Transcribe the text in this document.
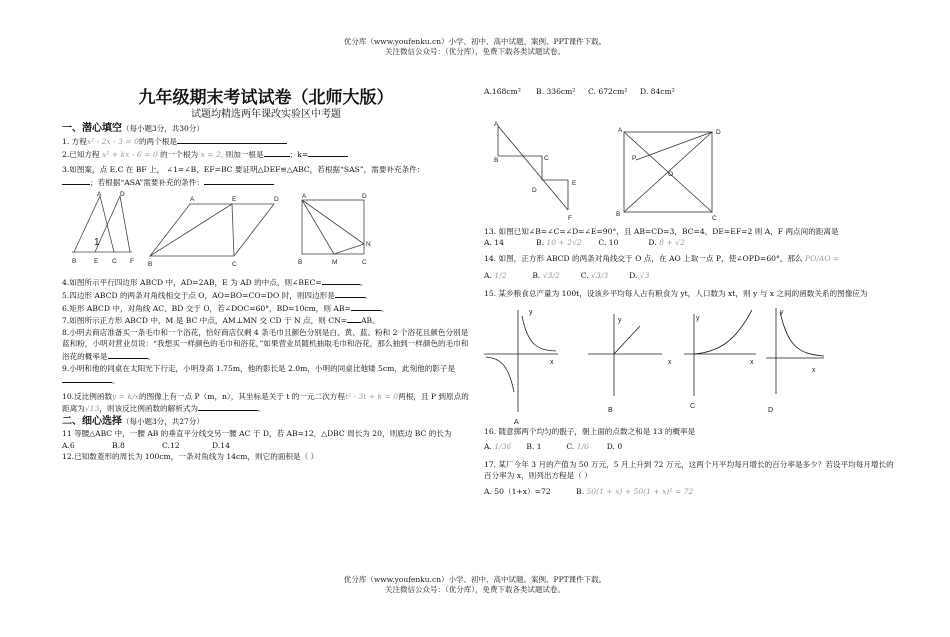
优分库（www.youfenku.cn）小学、初中、高中试题、案例、PPT课件下载。
关注微信公众号：（优分库），免费下载各类试题试卷。
九年级期末考试试卷（北师大版）
试题均精选两年课改实验区中考题
一、潜心填空（每小题3分，共30分）

1. 方程x² - 2x - 3 = 0的两个根是

2.已知方程 x² + kx - 6 = 0 的一个根为 x = 2, 则加一根是	；k=

3.如图案，点 E,C 在 BF 上， ∠1=∠B，EF=BC 要证明△DEF≌△ABC，若根据“SAS”，需要补充条件：
；若根据“ASA”需要补充的条件：

A	D
B	E C F
1
A	E	D
B	C
A	D
N
B	M	C

4.如图所示平行四边形 ABCD 中，AD=2AB，E 为 AD 的中点，则∠BEC=	。

5.四边形 ABCD 的两条对角线相交于点 O，AO=BO=CO=DO 时，则四边形是	。

6.矩形 ABCD 中，对角线 AC、BD 交于 O，若∠DOC=60°，BD=10cm，则 AB=	。

7.如图所示正方形 ABCD 中，M 是 BC 中点，AM⊥MN 交 CD 于 N 点，则 CN= AB。

8.小明去商店准备买一条毛巾和一个浴花，恰好商店仅剩 4 条毛巾且颜色分别是白、黄、蓝、粉和 2 个浴花且颜色分别是蓝和粉，小明对营业员说：“我想买一样颜色的毛巾和浴花，”如果营业员随机抽取毛巾和浴花，那么抽到一样颜色的毛巾和浴花的概率是	。

9.小明和他的同桌在太阳光下行走，小明身高 1.75m，他的影长是 2.0m，小明的同桌比他矮 5cm，此刻他的影子是。

10.反比例函数y = k/x的图像上有一点 P（m，n），其坐标是关于 t 的一元二次方程t² - 3t + k = 0两根，且 P 到原点的距离为√13，则该反比例函数的解析式为	。

二、细心选择（每小题3分，共27分）

11 等腰△ABC 中，一腰 AB 的垂直平分线交另一腰 AC 于 D，若 AB=12，△DBC 周长为 20，则底边 BC 的长为

A.6	B.8	C.12	D.14

12.已知数菱形的周长为 100cm，一条对角线为 14cm，则它的面积是（ ）

A.168cm² B. 336cm² C. 672cm² D. 84cm²

A
B	C
D
E
F
A	D
P
O
B
C

13. 如图已知∠B=∠C=∠D=∠E=90°，且 AB=CD=3，BC=4，DE=EF=2 则 A，F 两点间的距离是

A. 14	B. 10 + 2√2 C. 10	D. 8 + √2

14. 如图，正方形 ABCD 的两条对角线交于 O 点，在 AO 上取一点 P，使∠OPD=60°，那么 PO/AO =

A. 1/2	B. √3/2	C. √3/3	D. √3

15. 某乡粮食总产量为 100t，设该乡平均每人占有粮食为 yt，人口数为 xt，则 y 与 x 之间的函数关系的图像应为

y
x
A
y
x
B
y
x
C
y
x
D

16. 随意掷两个均匀的骰子，朝上面的点数之和是 13 的概率是

A. 1/36 B. 1	C. 1/6 D. 0

17. 某厂今年 3 月的产值为 50 万元，5 月上升到 72 万元，这两个月平均每月增长的百分率是多少？若设平均每月增长的百分率为 x，则列出方程是（ ）

A. 50（1+x）=72	B. 50(1 + x) + 50(1 + x)² = 72

优分库（www.youfenku.cn）小学、初中、高中试题、案例、PPT课件下载。
关注微信公众号：（优分库），免费下载各类试题试卷。
